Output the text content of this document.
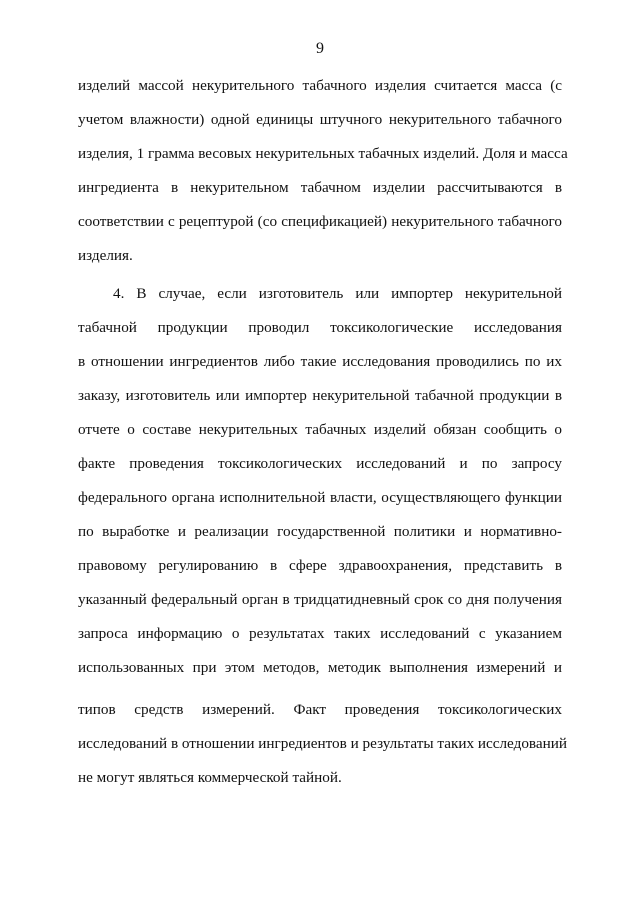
9
изделий массой некурительного табачного изделия считается масса (с
учетом влажности) одной единицы штучного некурительного табачного
изделия, 1 грамма весовых некурительных табачных изделий. Доля и масса
ингредиента в некурительном табачном изделии рассчитываются в
соответствии с рецептурой (со спецификацией) некурительного табачного
изделия.
4. В случае, если изготовитель или импортер некурительной
табачной продукции проводил токсикологические исследования
в отношении ингредиентов либо такие исследования проводились по их
заказу, изготовитель или импортер некурительной табачной продукции в
отчете о составе некурительных табачных изделий обязан сообщить о
факте проведения токсикологических исследований и по запросу
федерального органа исполнительной власти, осуществляющего функции
по выработке и реализации государственной политики и нормативно-
правовому регулированию в сфере здравоохранения, представить в
указанный федеральный орган в тридцатидневный срок со дня получения
запроса информацию о результатах таких исследований с указанием
использованных при этом методов, методик выполнения измерений и
типов средств измерений. Факт проведения токсикологических
исследований в отношении ингредиентов и результаты таких исследований
не могут являться коммерческой тайной.
